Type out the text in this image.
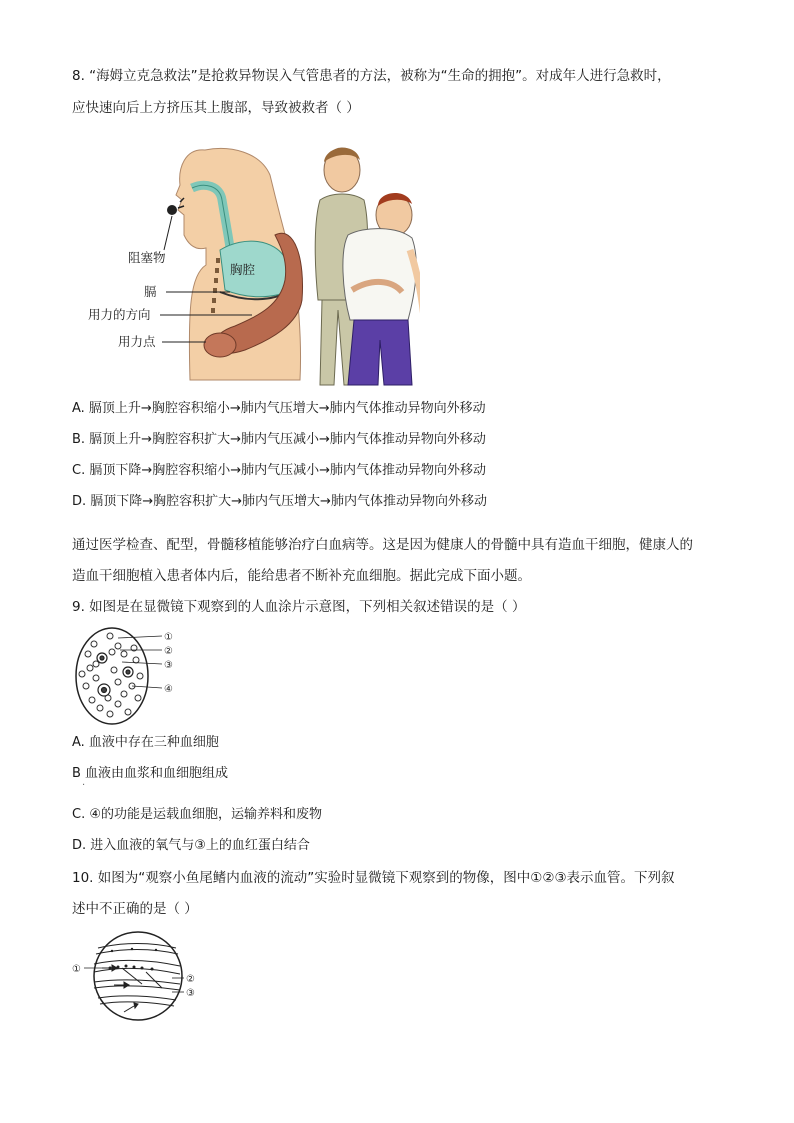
8. “海姆立克急救法”是抢救异物误入气管患者的方法，被称为“生命的拥抱”。对成年人进行急救时，
应快速向后上方挤压其上腹部，导致被救者（ ）
阻塞物
胸腔
膈
用力的方向
用力点
A. 膈顶上升→胸腔容积缩小→肺内气压增大→肺内气体推动异物向外移动
B. 膈顶上升→胸腔容积扩大→肺内气压减小→肺内气体推动异物向外移动
C. 膈顶下降→胸腔容积缩小→肺内气压减小→肺内气体推动异物向外移动
D. 膈顶下降→胸腔容积扩大→肺内气压增大→肺内气体推动异物向外移动
通过医学检查、配型，骨髓移植能够治疗白血病等。这是因为健康人的骨髓中具有造血干细胞，健康人的
造血干细胞植入患者体内后，能给患者不断补充血细胞。据此完成下面小题。
9. 如图是在显微镜下观察到的人血涂片示意图，下列相关叙述错误的是（ ）
①
②
③
④
A. 血液中存在三种血细胞
B 血液由血浆和血细胞组成
·
C. ④的功能是运载血细胞，运输养料和废物
D. 进入血液的氧气与③上的血红蛋白结合
10. 如图为“观察小鱼尾鳍内血液的流动”实验时显微镜下观察到的物像，图中①②③表示血管。下列叙
述中不正确的是（ ）
①
②
③
